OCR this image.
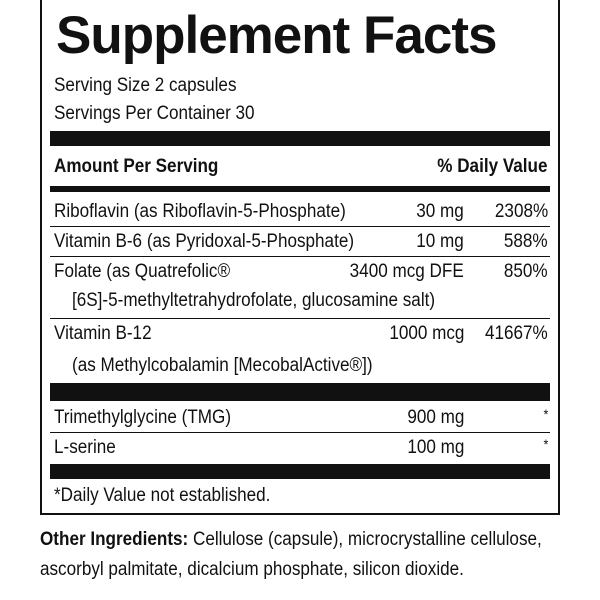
Supplement Facts
Serving Size 2 capsules
Servings Per Container 30
Amount Per Serving	% Daily Value
Riboflavin (as Riboflavin-5-Phosphate)	30 mg 2308%
Vitamin B-6 (as Pyridoxal-5-Phosphate)	10 mg 588%
Folate (as Quatrefolic®	3400 mcg DFE 850%
[6S]-5-methyltetrahydrofolate, glucosamine salt)
Vitamin B-12	1000 mcg 41667%
(as Methylcobalamin [MecobalActive®])
Trimethylglycine (TMG)	900 mg	*
L-serine	100 mg	*
*Daily Value not established.
Other Ingredients: Cellulose (capsule), microcrystalline cellulose,
ascorbyl palmitate, dicalcium phosphate, silicon dioxide.
